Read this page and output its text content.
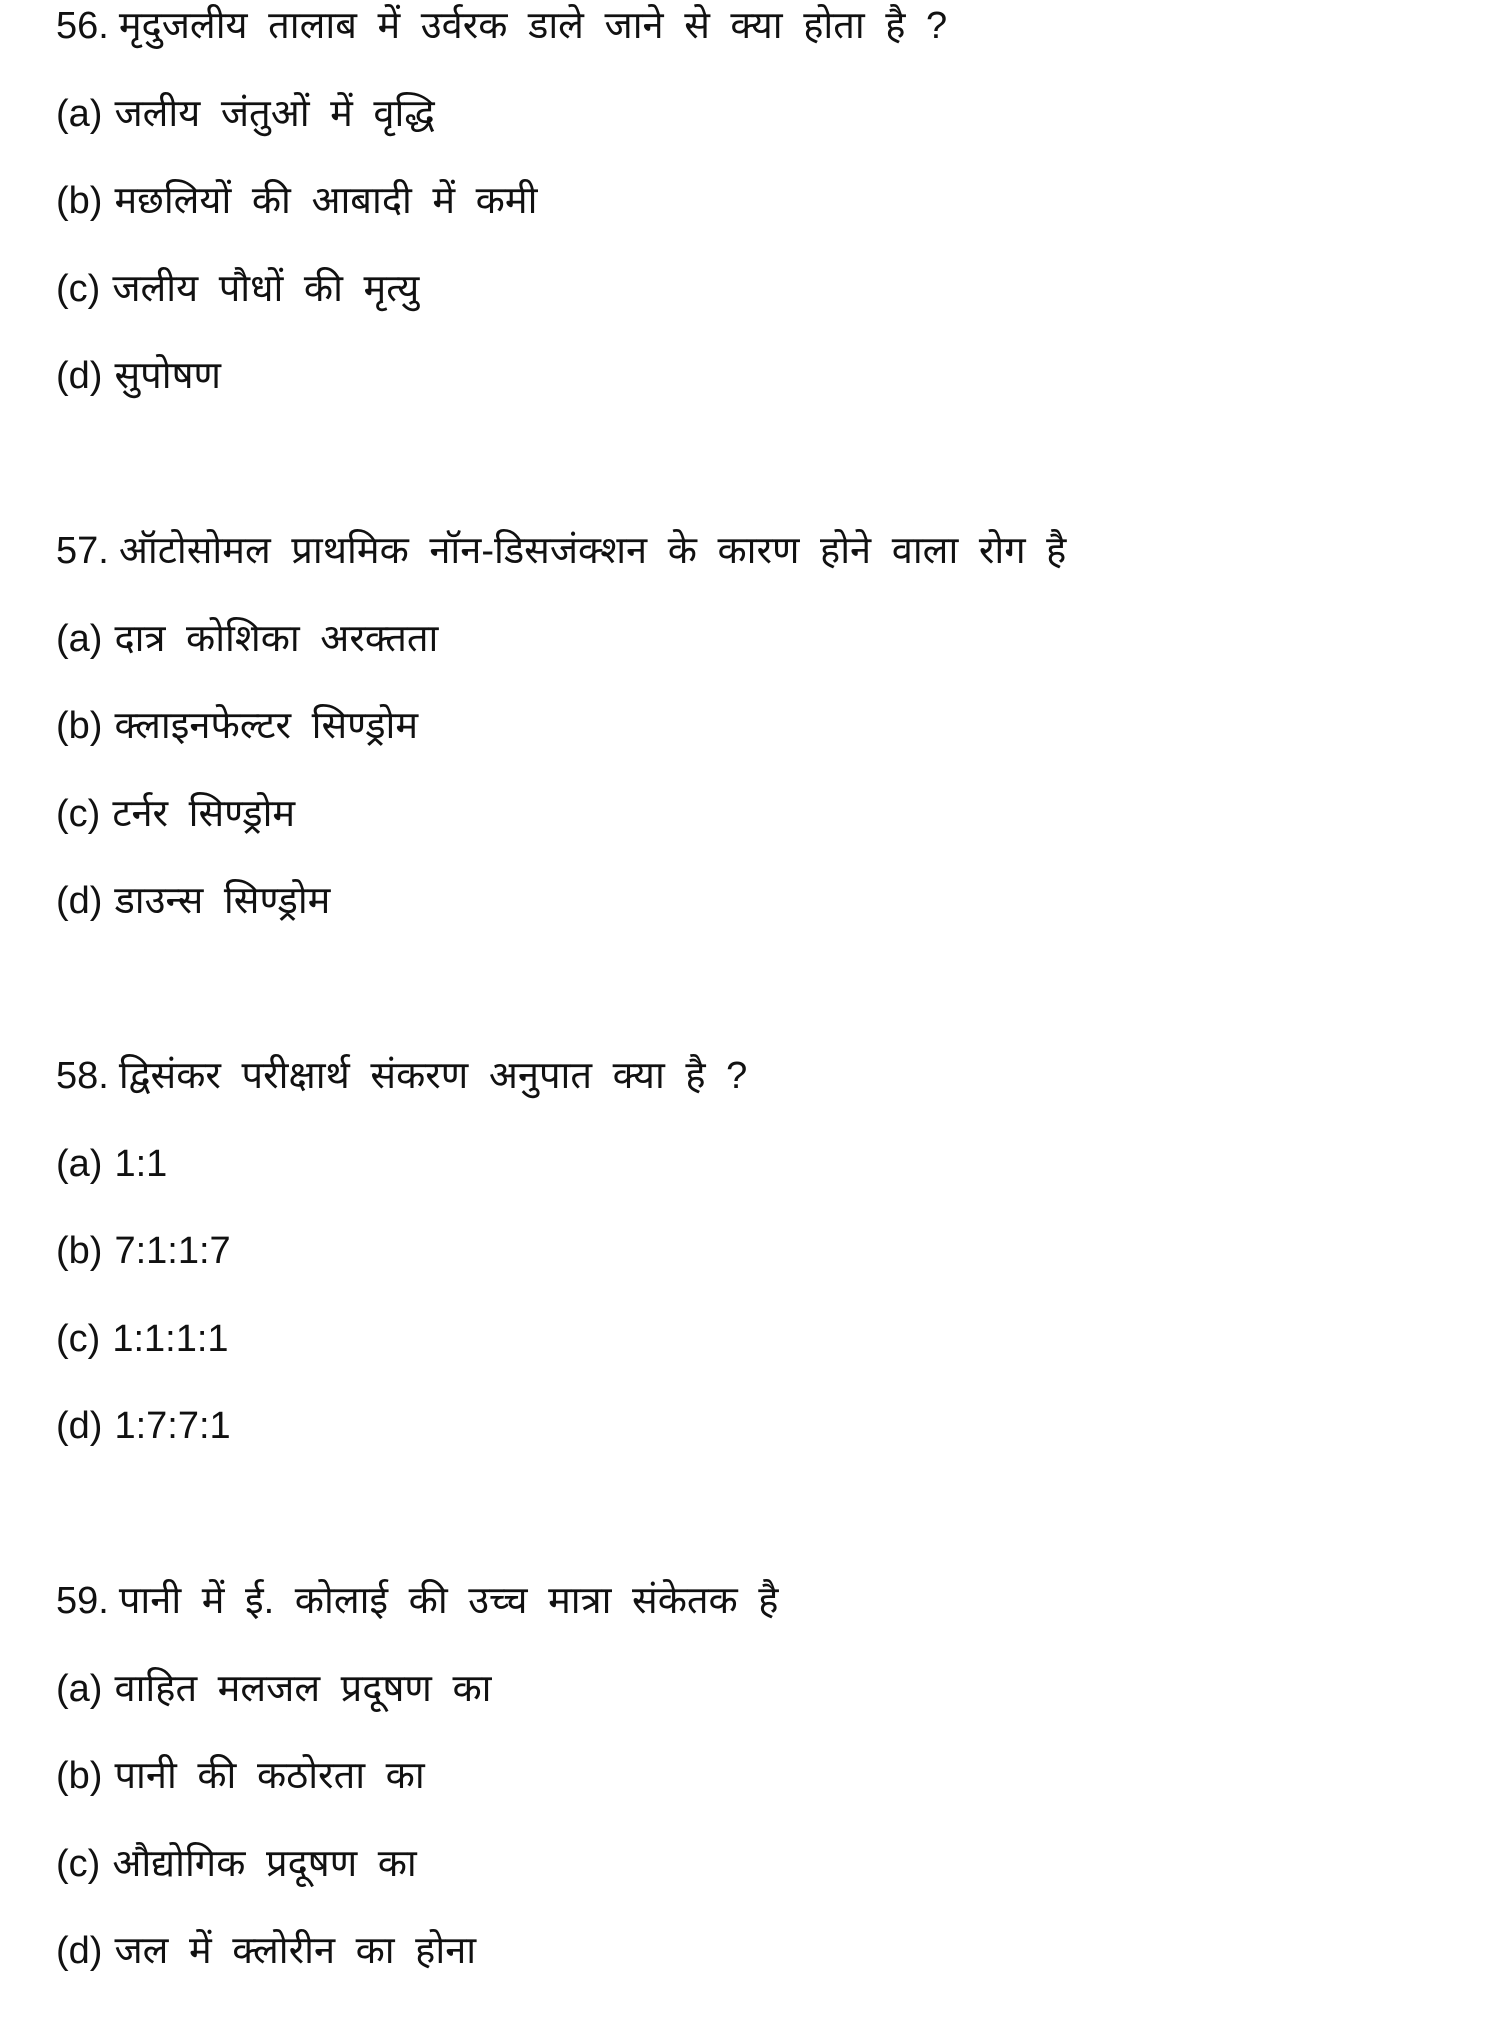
56. मृदुजलीय तालाब में उर्वरक डाले जाने से क्या होता है ?
(a) जलीय जंतुओं में वृद्धि
(b) मछलियों की आबादी में कमी
(c) जलीय पौधों की मृत्यु
(d) सुपोषण
57. ऑटोसोमल प्राथमिक नॉन-डिसजंक्शन के कारण होने वाला रोग है
(a) दात्र कोशिका अरक्तता
(b) क्लाइनफेल्टर सिण्ड्रोम
(c) टर्नर सिण्ड्रोम
(d) डाउन्स सिण्ड्रोम
58. द्विसंकर परीक्षार्थ संकरण अनुपात क्या है ?
(a) 1:1
(b) 7:1:1:7
(c) 1:1:1:1
(d) 1:7:7:1
59. पानी में ई. कोलाई की उच्च मात्रा संकेतक है
(a) वाहित मलजल प्रदूषण का
(b) पानी की कठोरता का
(c) औद्योगिक प्रदूषण का
(d) जल में क्लोरीन का होना
